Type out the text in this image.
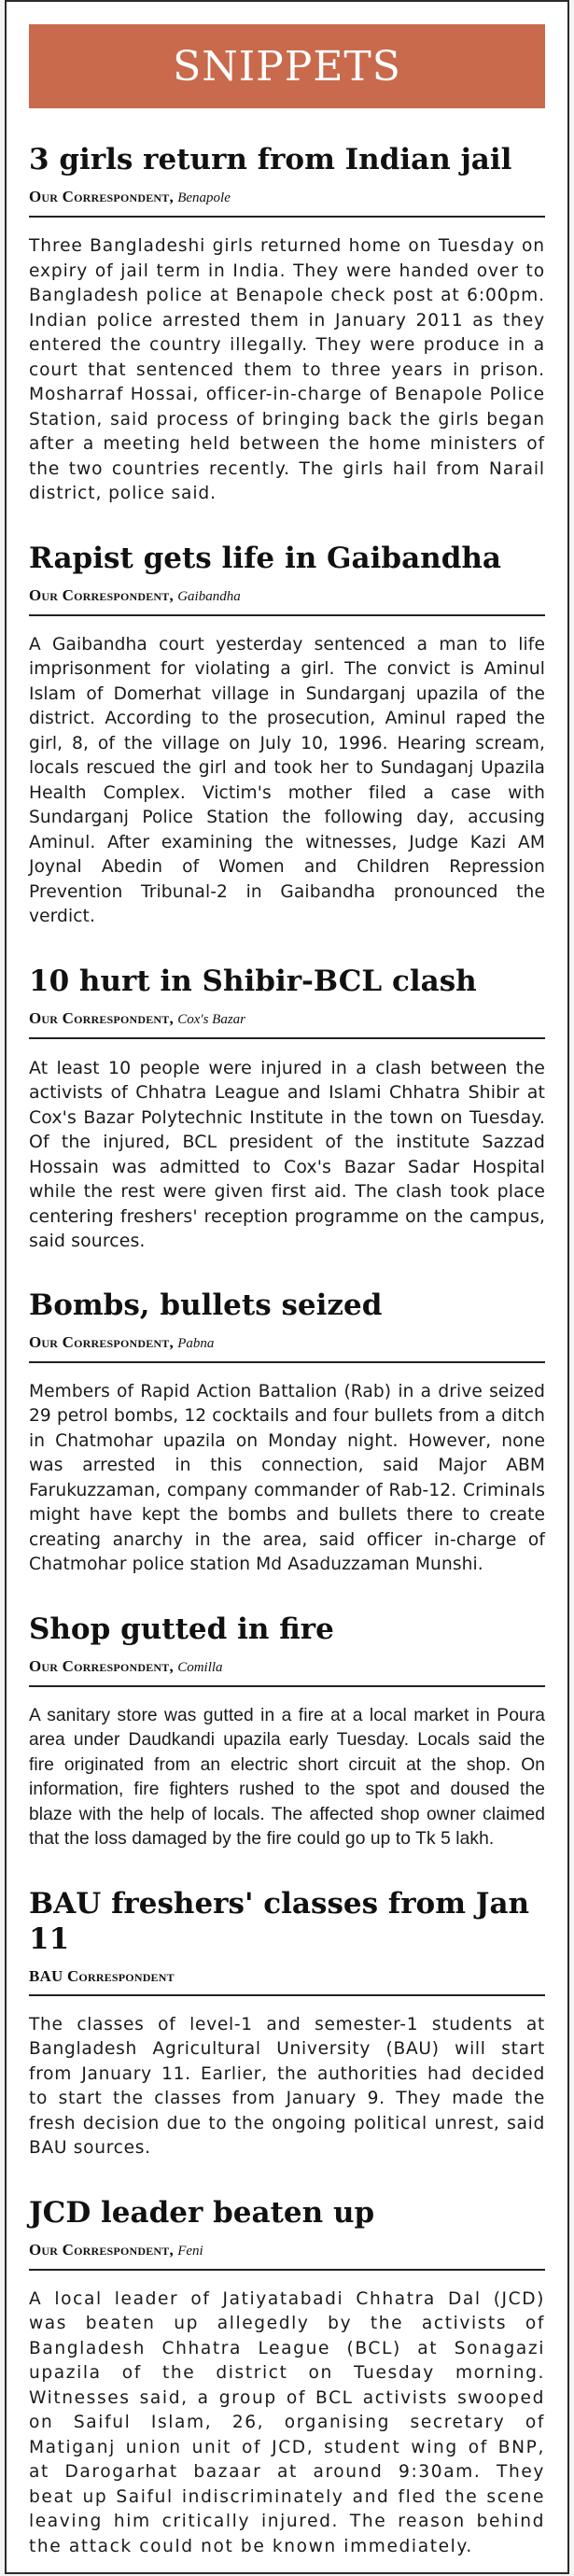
SNIPPETS
3 girls return from Indian jail
Our Correspondent, Benapole
Three Bangladeshi girls returned home on Tuesday on expiry of jail term in India. They were handed over to Bangladesh police at Benapole check post at 6:00pm. Indian police arrested them in January 2011 as they entered the country illegally. They were produce in a court that sentenced them to three years in prison. Mosharraf Hossai, officer-in-charge of Benapole Police Station, said process of bringing back the girls began after a meeting held between the home ministers of the two countries recently. The girls hail from Narail district, police said.
Rapist gets life in Gaibandha
Our Correspondent, Gaibandha
A Gaibandha court yesterday sentenced a man to life imprisonment for violating a girl. The convict is Aminul Islam of Domerhat village in Sundarganj upazila of the district. According to the prosecution, Aminul raped the girl, 8, of the village on July 10, 1996. Hearing scream, locals rescued the girl and took her to Sundaganj Upazila Health Complex. Victim's mother filed a case with Sundarganj Police Station the following day, accusing Aminul. After examining the witnesses, Judge Kazi AM Joynal Abedin of Women and Children Repression Prevention Tribunal-2 in Gaibandha pronounced the verdict.
10 hurt in Shibir-BCL clash
Our Correspondent, Cox's Bazar
At least 10 people were injured in a clash between the activists of Chhatra League and Islami Chhatra Shibir at Cox's Bazar Polytechnic Institute in the town on Tuesday. Of the injured, BCL president of the institute Sazzad Hossain was admitted to Cox's Bazar Sadar Hospital while the rest were given first aid. The clash took place centering freshers' reception programme on the campus, said sources.
Bombs, bullets seized
Our Correspondent, Pabna
Members of Rapid Action Battalion (Rab) in a drive seized 29 petrol bombs, 12 cocktails and four bullets from a ditch in Chatmohar upazila on Monday night. However, none was arrested in this connection, said Major ABM Farukuzzaman, company commander of Rab-12. Criminals might have kept the bombs and bullets there to create creating anarchy in the area, said officer in-charge of Chatmohar police station Md Asaduzzaman Munshi.
Shop gutted in fire
Our Correspondent, Comilla
A sanitary store was gutted in a fire at a local market in Poura area under Daudkandi upazila early Tuesday. Locals said the fire originated from an electric short circuit at the shop. On information, fire fighters rushed to the spot and doused the blaze with the help of locals. The affected shop owner claimed that the loss damaged by the fire could go up to Tk 5 lakh.
BAU freshers' classes from Jan 11
BAU Correspondent
The classes of level-1 and semester-1 students at Bangladesh Agricultural University (BAU) will start from January 11. Earlier, the authorities had decided to start the classes from January 9. They made the fresh decision due to the ongoing political unrest, said BAU sources.
JCD leader beaten up
Our Correspondent, Feni
A local leader of Jatiyatabadi Chhatra Dal (JCD) was beaten up allegedly by the activists of Bangladesh Chhatra League (BCL) at Sonagazi upazila of the district on Tuesday morning. Witnesses said, a group of BCL activists swooped on Saiful Islam, 26, organising secretary of Matiganj union unit of JCD, student wing of BNP, at Darogarhat bazaar at around 9:30am. They beat up Saiful indiscriminately and fled the scene leaving him critically injured. The reason behind the attack could not be known immediately.
